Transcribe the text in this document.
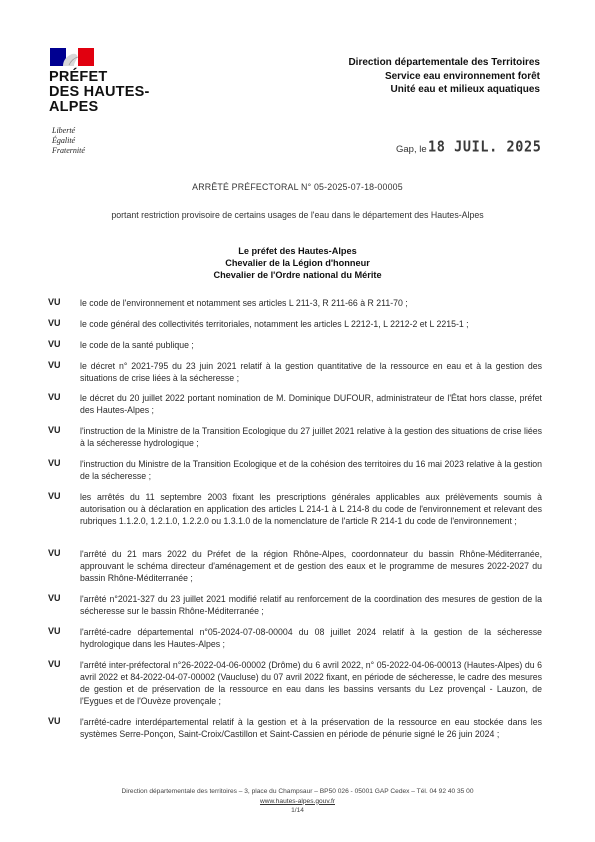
PRÉFET
DES HAUTES-
ALPES
Liberté
Égalité
Fraternité
Direction départementale des Territoires
Service eau environnement forêt
Unité eau et milieux aquatiques
Gap, le 18 JUIL. 2025
ARRÊTÉ PRÉFECTORAL N° 05-2025-07-18-00005
portant restriction provisoire de certains usages de l'eau dans le département des Hautes-Alpes
Le préfet des Hautes-Alpes
Chevalier de la Légion d'honneur
Chevalier de l'Ordre national du Mérite
VU le code de l'environnement et notamment ses articles L 211-3, R 211-66 à R 211-70 ;
VU le code général des collectivités territoriales, notamment les articles L 2212-1, L 2212-2 et L 2215-1 ;
VU le code de la santé publique ;
VU le décret n° 2021-795 du 23 juin 2021 relatif à la gestion quantitative de la ressource en eau et à la gestion des situations de crise liées à la sécheresse ;
VU le décret du 20 juillet 2022 portant nomination de M. Dominique DUFOUR, administrateur de l'État hors classe, préfet des Hautes-Alpes ;
VU l'instruction de la Ministre de la Transition Ecologique du 27 juillet 2021 relative à la gestion des situations de crise liées à la sécheresse hydrologique ;
VU l'instruction du Ministre de la Transition Ecologique et de la cohésion des territoires du 16 mai 2023 relative à la gestion de la sécheresse ;
VU les arrêtés du 11 septembre 2003 fixant les prescriptions générales applicables aux prélèvements soumis à autorisation ou à déclaration en application des articles L 214-1 à L 214-8 du code de l'environnement et relevant des rubriques 1.1.2.0, 1.2.1.0, 1.2.2.0 ou 1.3.1.0 de la nomenclature de l'article R 214-1 du code de l'environnement ;
VU l'arrêté du 21 mars 2022 du Préfet de la région Rhône-Alpes, coordonnateur du bassin Rhône-Méditerranée, approuvant le schéma directeur d'aménagement et de gestion des eaux et le programme de mesures 2022-2027 du bassin Rhône-Méditerranée ;
VU l'arrêté n°2021-327 du 23 juillet 2021 modifié relatif au renforcement de la coordination des mesures de gestion de la sécheresse sur le bassin Rhône-Méditerranée ;
VU l'arrêté-cadre départemental n°05-2024-07-08-00004 du 08 juillet 2024 relatif à la gestion de la sécheresse hydrologique dans les Hautes-Alpes ;
VU l'arrêté inter-préfectoral n°26-2022-04-06-00002 (Drôme) du 6 avril 2022, n° 05-2022-04-06-00013 (Hautes-Alpes) du 6 avril 2022 et 84-2022-04-07-00002 (Vaucluse) du 07 avril 2022 fixant, en période de sécheresse, le cadre des mesures de gestion et de préservation de la ressource en eau dans les bassins versants du Lez provençal - Lauzon, de l'Eygues et de l'Ouvèze provençale ;
VU l'arrêté-cadre interdépartemental relatif à la gestion et à la préservation de la ressource en eau stockée dans les systèmes Serre-Ponçon, Saint-Croix/Castillon et Saint-Cassien en période de pénurie signé le 26 juin 2024 ;
Direction départementale des territoires – 3, place du Champsaur – BP50 026 - 05001 GAP Cedex – Tél. 04 92 40 35 00
www.hautes-alpes.gouv.fr
1/14
